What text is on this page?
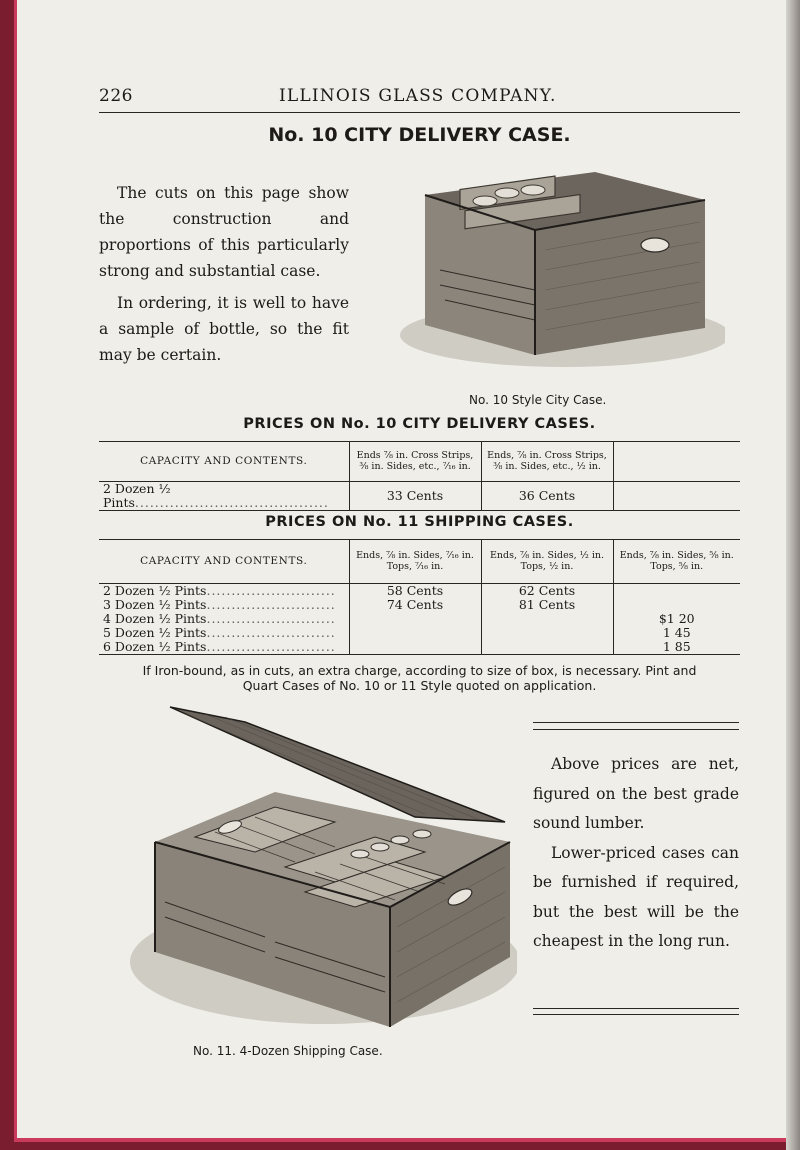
226	ILLINOIS GLASS COMPANY.
No. 10 CITY DELIVERY CASE.

The cuts on this page show the construction and proportions of this particularly strong and substantial case.

In ordering, it is well to have a sample of bottle, so the fit may be certain.

No. 10 Style City Case.
PRICES ON No. 10 CITY DELIVERY CASES.
CAPACITY AND CONTENTS.	Ends ⅞ in. Cross Strips, ⅜ in. Sides, etc., ⁷⁄₁₆ in.	Ends, ⅞ in. Cross Strips, ⅜ in. Sides, etc., ½ in.	
2 Dozen ½ Pints.......................................	33 Cents	36 Cents	
PRICES ON No. 11 SHIPPING CASES.
CAPACITY AND CONTENTS.	Ends, ⅞ in. Sides, ⁷⁄₁₆ in. Tops, ⁷⁄₁₆ in.	Ends, ⅞ in. Sides, ½ in. Tops, ½ in.	Ends, ⅞ in. Sides, ⅝ in. Tops, ⅝ in.
2 Dozen ½ Pints..........................	58 Cents	62 Cents	
3 Dozen ½ Pints..........................	74 Cents	81 Cents	
4 Dozen ½ Pints..........................			$1 20
5 Dozen ½ Pints..........................			1 45
6 Dozen ½ Pints..........................			1 85
If Iron-bound, as in cuts, an extra charge, according to size of box, is necessary. Pint and
Quart Cases of No. 10 or 11 Style quoted on application.
No. 11. 4-Dozen Shipping Case.

Above prices are net, figured on the best grade sound lumber.

Lower-priced cases can be furnished if required, but the best will be the cheapest in the long run.
